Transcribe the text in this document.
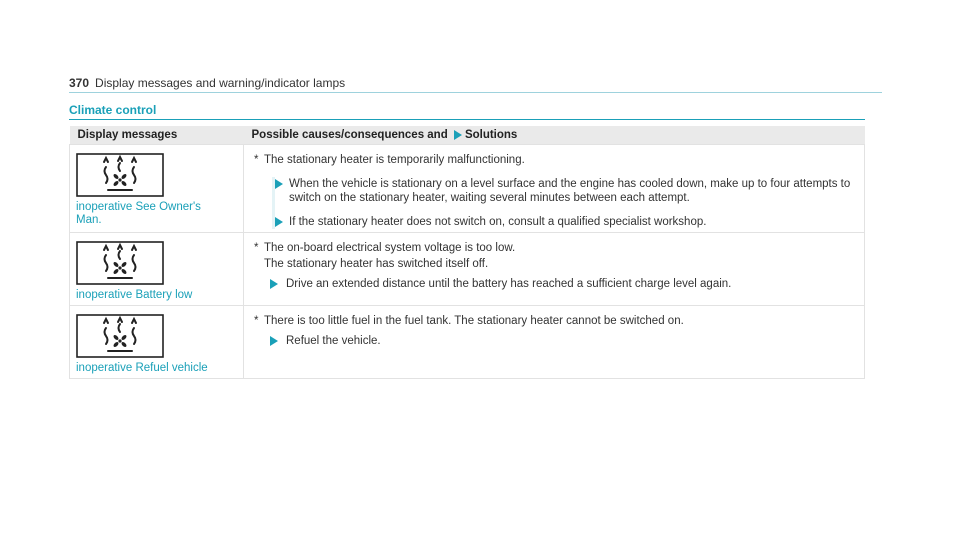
370 Display messages and warning/indicator lamps
Climate control
Display messages	Possible causes/consequences and Solutions

inoperative See Owner's Man.	* The stationary heater is temporarily malfunctioning.
When the vehicle is stationary on a level surface and the engine has cooled down, make up to four attempts to switch on the stationary heater, waiting several minutes between each attempt.
If the stationary heater does not switch on, consult a qualified specialist workshop.

inoperative Battery low	* The on-board electrical system voltage is too low.
The stationary heater has switched itself off.
Drive an extended distance until the battery has reached a sufficient charge level again.

inoperative Refuel vehicle	* There is too little fuel in the fuel tank. The stationary heater cannot be switched on.
Refuel the vehicle.
